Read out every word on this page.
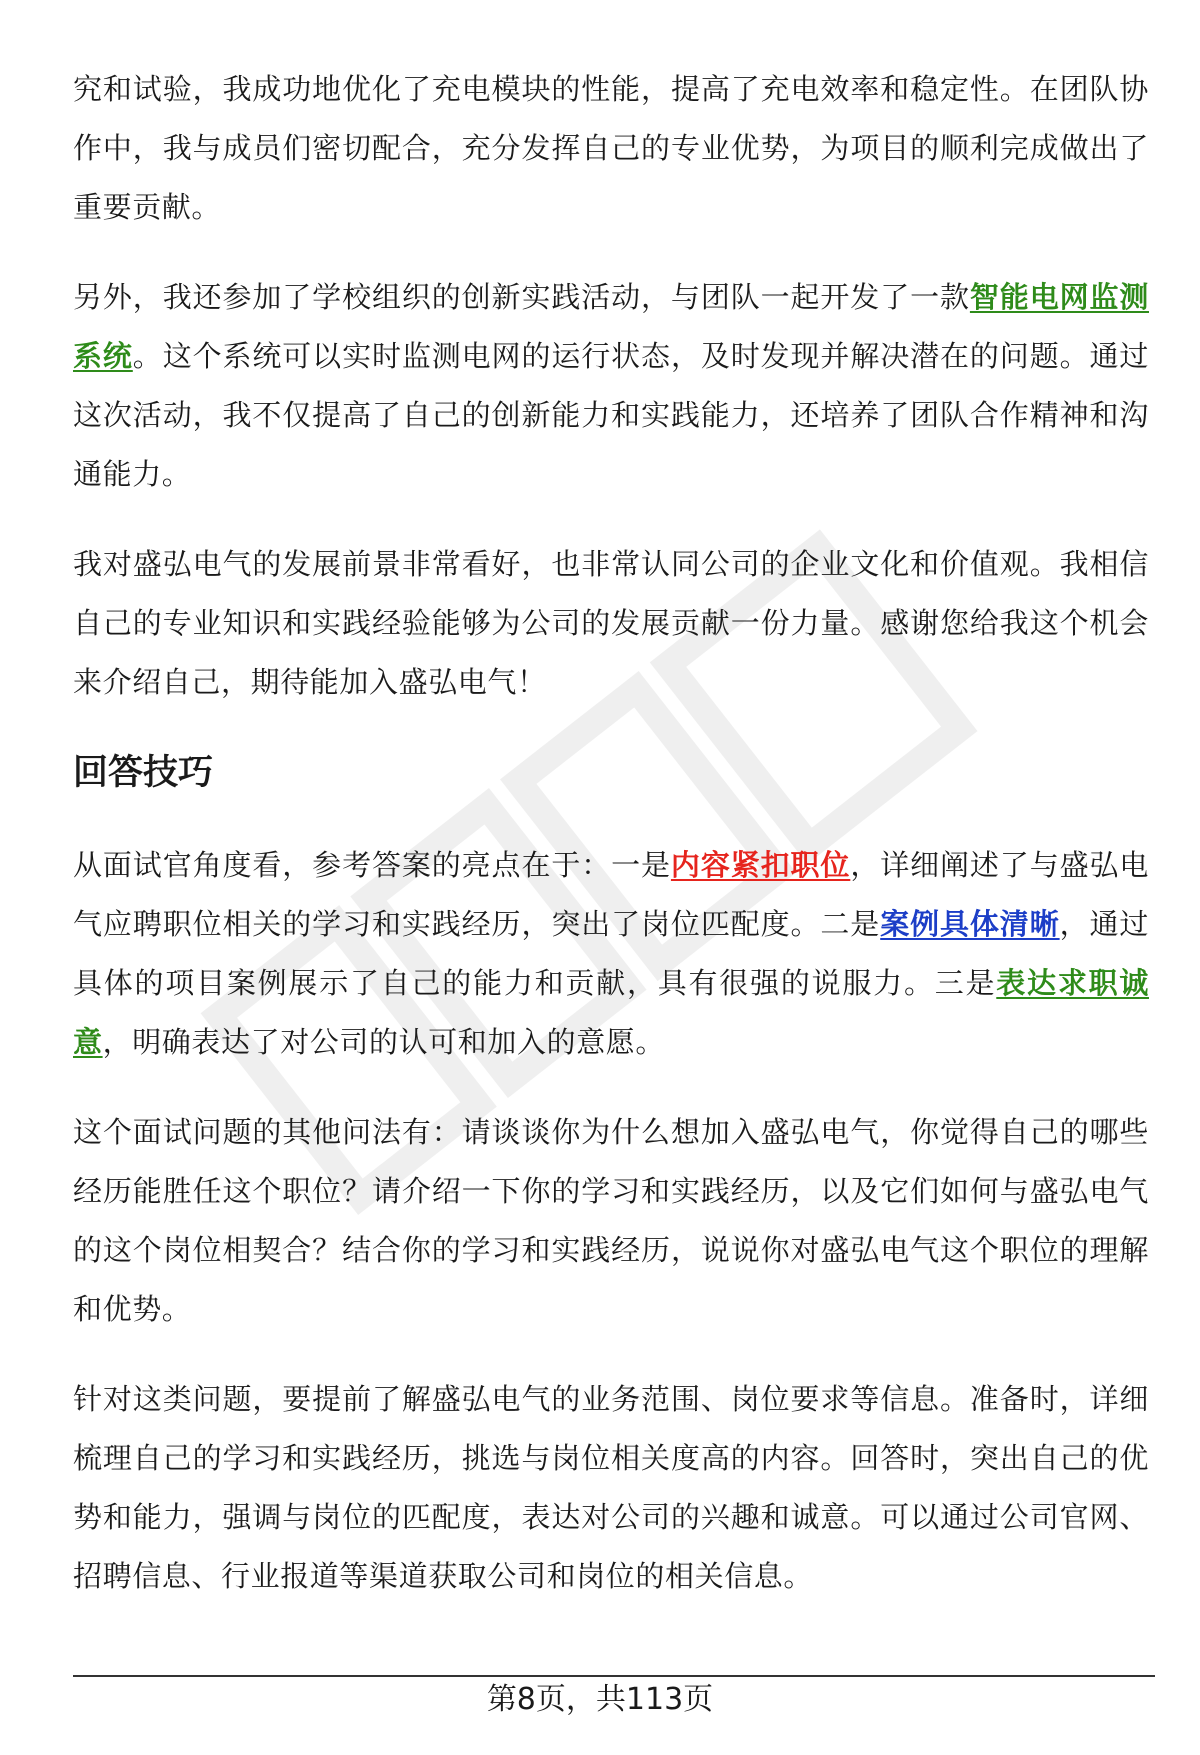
究和试验，我成功地优化了充电模块的性能，提高了充电效率和稳定性。在团队协作中，我与成员们密切配合，充分发挥自己的专业优势，为项目的顺利完成做出了重要贡献。

另外，我还参加了学校组织的创新实践活动，与团队一起开发了一款智能电网监测系统。这个系统可以实时监测电网的运行状态，及时发现并解决潜在的问题。通过这次活动，我不仅提高了自己的创新能力和实践能力，还培养了团队合作精神和沟通能力。

我对盛弘电气的发展前景非常看好，也非常认同公司的企业文化和价值观。我相信自己的专业知识和实践经验能够为公司的发展贡献一份力量。感谢您给我这个机会来介绍自己，期待能加入盛弘电气！

回答技巧

从面试官角度看，参考答案的亮点在于：一是内容紧扣职位，详细阐述了与盛弘电气应聘职位相关的学习和实践经历，突出了岗位匹配度。二是案例具体清晰，通过具体的项目案例展示了自己的能力和贡献，具有很强的说服力。三是表达求职诚意，明确表达了对公司的认可和加入的意愿。

这个面试问题的其他问法有：请谈谈你为什么想加入盛弘电气，你觉得自己的哪些经历能胜任这个职位？请介绍一下你的学习和实践经历，以及它们如何与盛弘电气的这个岗位相契合？结合你的学习和实践经历，说说你对盛弘电气这个职位的理解和优势。

针对这类问题，要提前了解盛弘电气的业务范围、岗位要求等信息。准备时，详细梳理自己的学习和实践经历，挑选与岗位相关度高的内容。回答时，突出自己的优势和能力，强调与岗位的匹配度，表达对公司的兴趣和诚意。可以通过公司官网、招聘信息、行业报道等渠道获取公司和岗位的相关信息。

第8页，共113页
